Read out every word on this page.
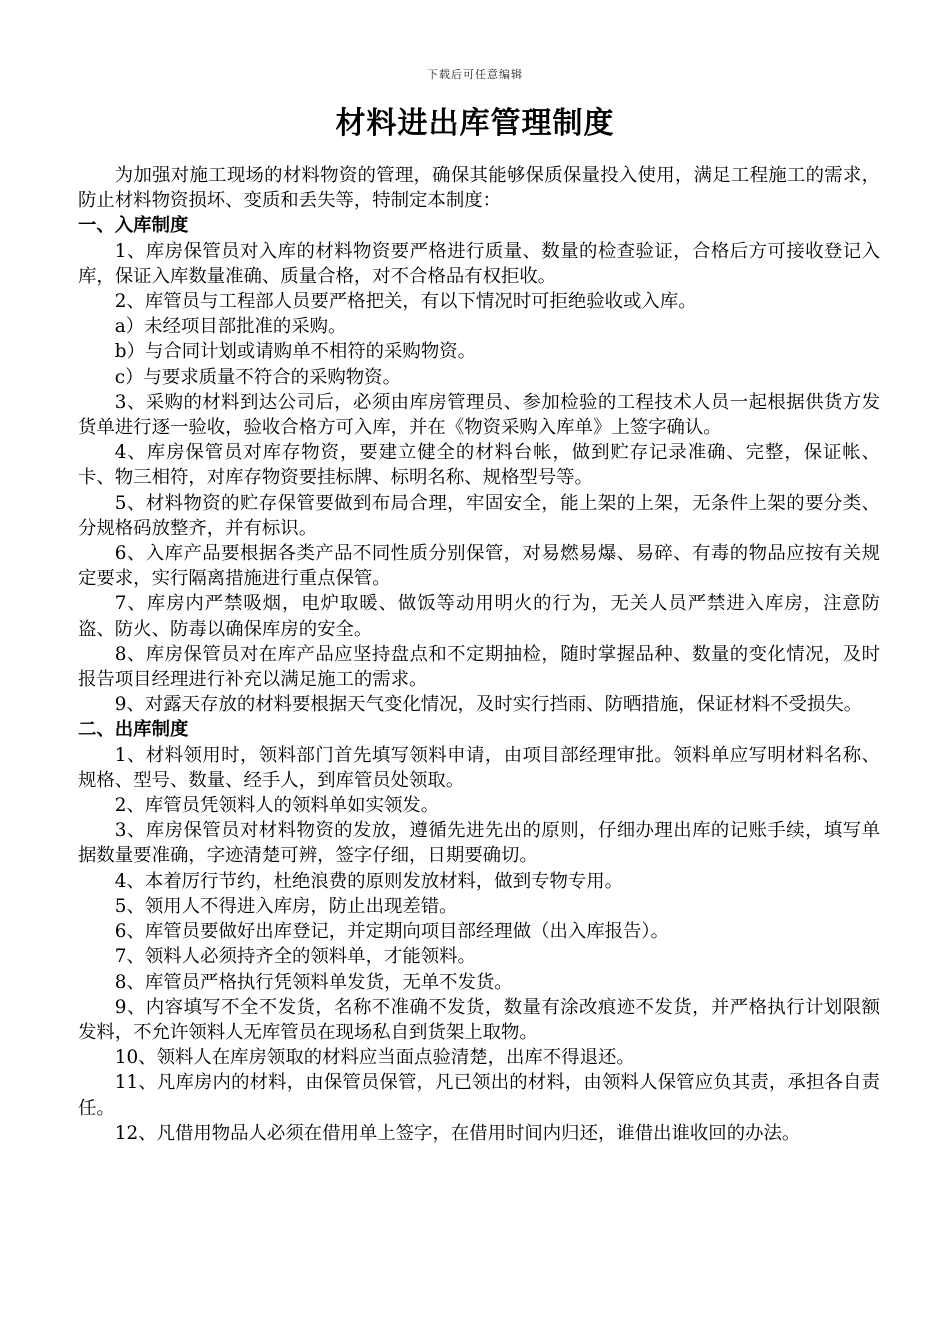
下载后可任意编辑
材料进出库管理制度

为加强对施工现场的材料物资的管理，确保其能够保质保量投入使用，满足工程施工的需求，防止材料物资损坏、变质和丢失等，特制定本制度：

一、入库制度

1、库房保管员对入库的材料物资要严格进行质量、数量的检查验证，合格后方可接收登记入库，保证入库数量准确、质量合格，对不合格品有权拒收。

2、库管员与工程部人员要严格把关，有以下情况时可拒绝验收或入库。

a）未经项目部批准的采购。

b）与合同计划或请购单不相符的采购物资。

c）与要求质量不符合的采购物资。

3、采购的材料到达公司后，必须由库房管理员、参加检验的工程技术人员一起根据供货方发货单进行逐一验收，验收合格方可入库，并在《物资采购入库单》上签字确认。

4、库房保管员对库存物资，要建立健全的材料台帐，做到贮存记录准确、完整，保证帐、卡、物三相符，对库存物资要挂标牌、标明名称、规格型号等。

5、材料物资的贮存保管要做到布局合理，牢固安全，能上架的上架，无条件上架的要分类、分规格码放整齐，并有标识。

6、入库产品要根据各类产品不同性质分别保管，对易燃易爆、易碎、有毒的物品应按有关规定要求，实行隔离措施进行重点保管。

7、库房内严禁吸烟，电炉取暖、做饭等动用明火的行为，无关人员严禁进入库房，注意防盗、防火、防毒以确保库房的安全。

8、库房保管员对在库产品应坚持盘点和不定期抽检，随时掌握品种、数量的变化情况，及时报告项目经理进行补充以满足施工的需求。

9、对露天存放的材料要根据天气变化情况，及时实行挡雨、防晒措施，保证材料不受损失。

二、出库制度

1、材料领用时，领料部门首先填写领料申请，由项目部经理审批。领料单应写明材料名称、规格、型号、数量、经手人，到库管员处领取。

2、库管员凭领料人的领料单如实领发。

3、库房保管员对材料物资的发放，遵循先进先出的原则，仔细办理出库的记账手续，填写单据数量要准确，字迹清楚可辨，签字仔细，日期要确切。

4、本着厉行节约，杜绝浪费的原则发放材料，做到专物专用。

5、领用人不得进入库房，防止出现差错。

6、库管员要做好出库登记，并定期向项目部经理做（出入库报告）。

7、领料人必须持齐全的领料单，才能领料。

8、库管员严格执行凭领料单发货，无单不发货。

9、内容填写不全不发货，名称不准确不发货，数量有涂改痕迹不发货，并严格执行计划限额发料，不允许领料人无库管员在现场私自到货架上取物。

10、领料人在库房领取的材料应当面点验清楚，出库不得退还。

11、凡库房内的材料，由保管员保管，凡已领出的材料，由领料人保管应负其责，承担各自责任。

12、凡借用物品人必须在借用单上签字，在借用时间内归还，谁借出谁收回的办法。
